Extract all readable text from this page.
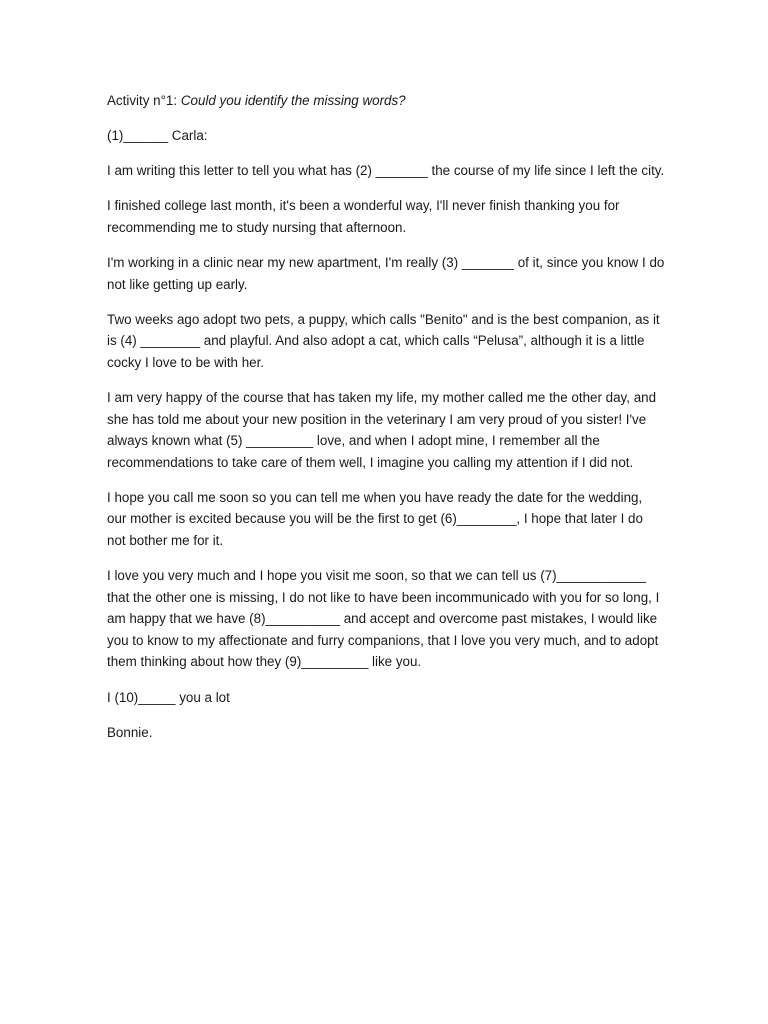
Activity n°1: Could you identify the missing words?

(1)______ Carla:

I am writing this letter to tell you what has (2) _______ the course of my life since I left the city.

I finished college last month, it's been a wonderful way, I'll never finish thanking you for recommending me to study nursing that afternoon.

I'm working in a clinic near my new apartment, I'm really (3) _______ of it, since you know I do not like getting up early.

Two weeks ago adopt two pets, a puppy, which calls "Benito" and is the best companion, as it is (4) ________ and playful. And also adopt a cat, which calls “Pelusa”, although it is a little cocky I love to be with her.

I am very happy of the course that has taken my life, my mother called me the other day, and she has told me about your new position in the veterinary I am very proud of you sister! I've always known what (5) _________ love, and when I adopt mine, I remember all the recommendations to take care of them well, I imagine you calling my attention if I did not.

I hope you call me soon so you can tell me when you have ready the date for the wedding, our mother is excited because you will be the first to get (6)________, I hope that later I do not bother me for it.

I love you very much and I hope you visit me soon, so that we can tell us (7)____________ that the other one is missing, I do not like to have been incommunicado with you for so long, I am happy that we have (8)__________ and accept and overcome past mistakes, I would like you to know to my affectionate and furry companions, that I love you very much, and to adopt them thinking about how they (9)_________ like you.

I (10)_____ you a lot

Bonnie.
